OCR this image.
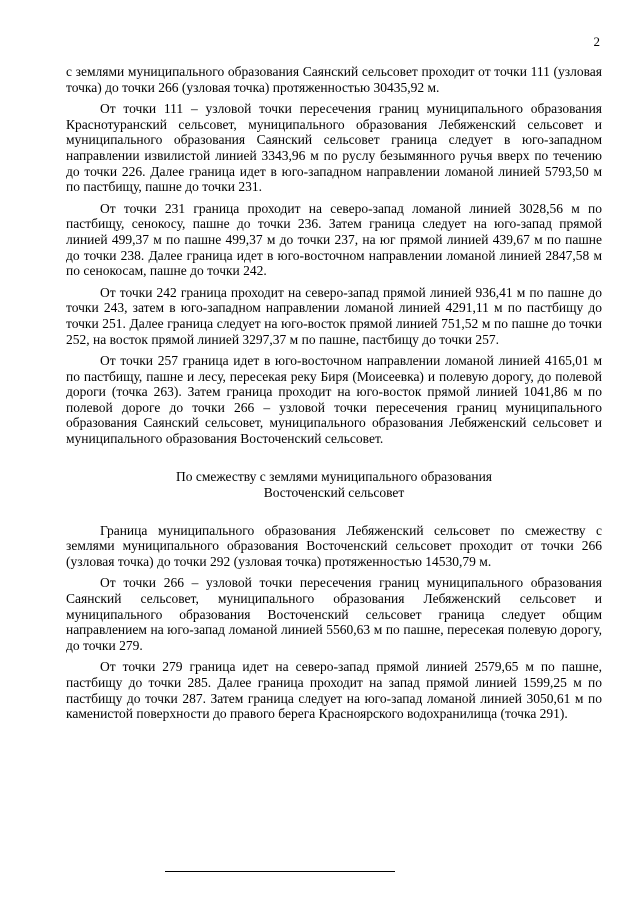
2

с землями муниципального образования Саянский сельсовет проходит от точки 111 (узловая точка) до точки 266 (узловая точка) протяженностью 30435,92 м.

От точки 111 – узловой точки пересечения границ муниципального образования Краснотуранский сельсовет, муниципального образования Лебяженский сельсовет и муниципального образования Саянский сельсовет граница следует в юго-западном направлении извилистой линией 3343,96 м по руслу безымянного ручья вверх по течению до точки 226. Далее граница идет в юго-западном направлении ломаной линией 5793,50 м по пастбищу, пашне до точки 231.

От точки 231 граница проходит на северо-запад ломаной линией 3028,56 м по пастбищу, сенокосу, пашне до точки 236. Затем граница следует на юго-запад прямой линией 499,37 м по пашне 499,37 м до точки 237, на юг прямой линией 439,67 м по пашне до точки 238. Далее граница идет в юго-восточном направлении ломаной линией 2847,58 м по сенокосам, пашне до точки 242.

От точки 242 граница проходит на северо-запад прямой линией 936,41 м по пашне до точки 243, затем в юго-западном направлении ломаной линией 4291,11 м по пастбищу до точки 251. Далее граница следует на юго-восток прямой линией 751,52 м по пашне до точки 252, на восток прямой линией 3297,37 м по пашне, пастбищу до точки 257.

От точки 257 граница идет в юго-восточном направлении ломаной линией 4165,01 м по пастбищу, пашне и лесу, пересекая реку Биря (Моисеевка) и полевую дорогу, до полевой дороги (точка 263). Затем граница проходит на юго-восток прямой линией 1041,86 м по полевой дороге до точки 266 – узловой точки пересечения границ муниципального образования Саянский сельсовет, муниципального образования Лебяженский сельсовет и муниципального образования Восточенский сельсовет.

По смежеству с землями муниципального образования
Восточенский сельсовет

Граница муниципального образования Лебяженский сельсовет по смежеству с землями муниципального образования Восточенский сельсовет проходит от точки 266 (узловая точка) до точки 292 (узловая точка) протяженностью 14530,79 м.

От точки 266 – узловой точки пересечения границ муниципального образования Саянский сельсовет, муниципального образования Лебяженский сельсовет и муниципального образования Восточенский сельсовет граница следует общим направлением на юго-запад ломаной линией 5560,63 м по пашне, пересекая полевую дорогу, до точки 279.

От точки 279 граница идет на северо-запад прямой линией 2579,65 м по пашне, пастбищу до точки 285. Далее граница проходит на запад прямой линией 1599,25 м по пастбищу до точки 287. Затем граница следует на юго-запад ломаной линией 3050,61 м по каменистой поверхности до правого берега Красноярского водохранилища (точка 291).
